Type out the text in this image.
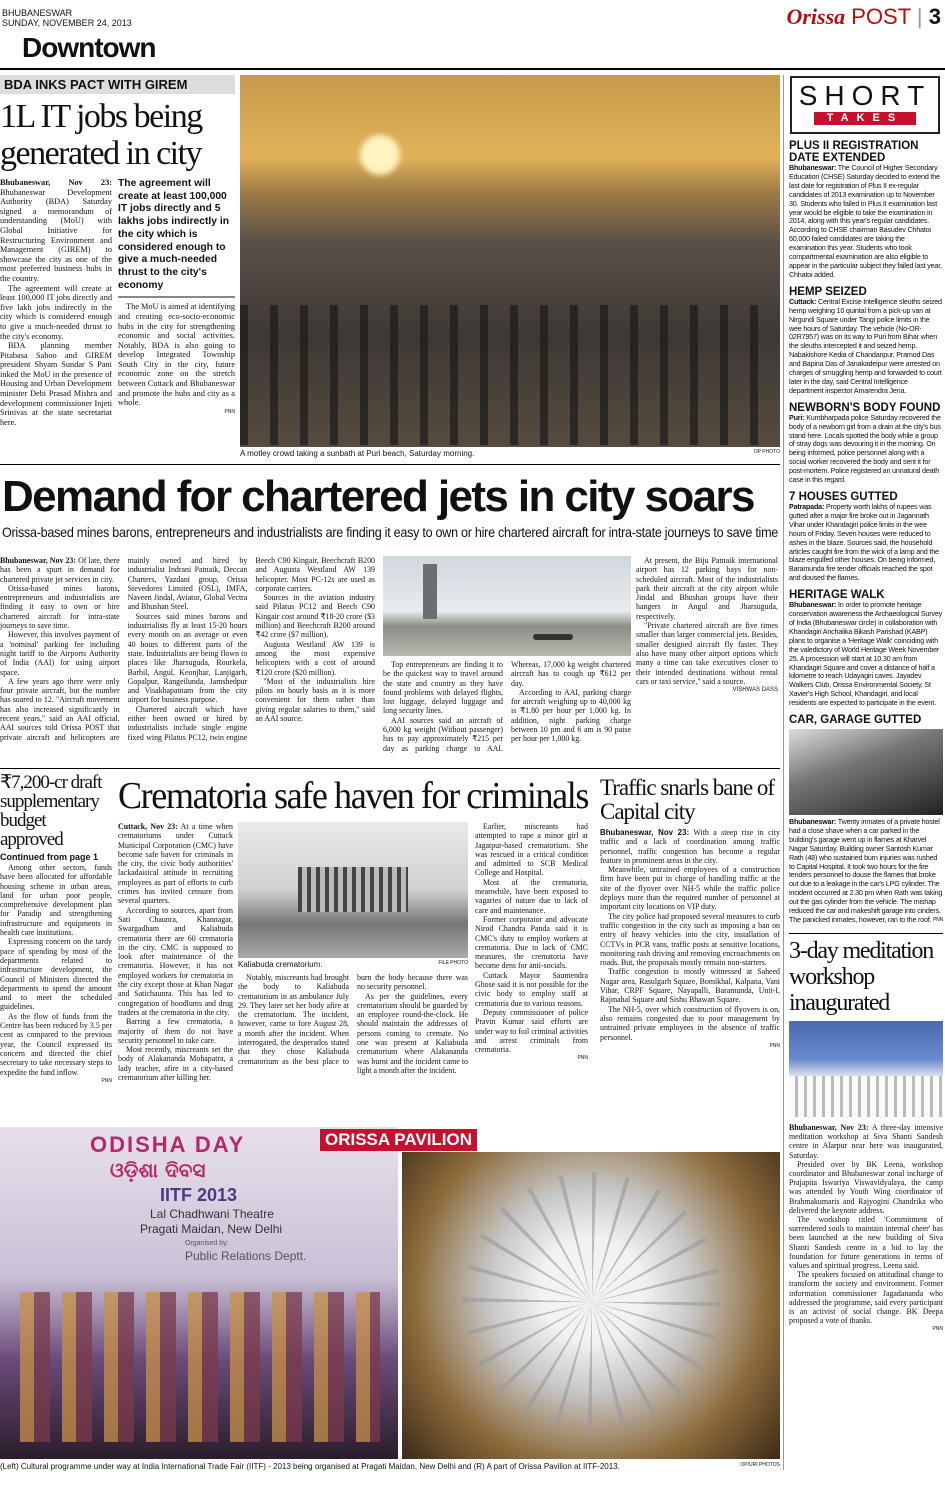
BHUBANESWAR
SUNDAY, NOVEMBER 24, 2013	Orissa POST | 3
Downtown
BDA INKS PACT WITH GIREM
1L IT jobs being generated in city

Bhubaneswar, Nov 23: Bhubaneswar Development Authority (BDA) Saturday signed a memorandum of understanding (MoU) with Global Initiative for Restructuring Environment and Management (GIREM) to showcase the city as one of the most preferred business hubs in the country.

The agreement will create at least 100,000 IT jobs directly and five lakh jobs indirectly in the city which is considered enough to give a much-needed thrust to the city's economy.

BDA planning member Pitabasa Sahoo and GIREM president Shyam Sundar S Pani inked the MoU in the presence of Housing and Urban Development minister Debi Prasad Mishra and development commissioner Injeti Srinivas at the state secretariat here.

The agreement will create at least 100,000 IT jobs directly and 5 lakhs jobs indirectly in the city which is considered enough to give a much-needed thrust to the city's economy

The MoU is aimed at identifying and creating eco-socio-economic hubs in the city for strengthening economic and social activities. Notably, BDA is also going to develop Integrated Township South City in the city, future economic zone on the stretch between Cuttack and Bhubaneswar and promote the hubs and city as a whole.

PNN
A motley crowd taking a sunbath at Puri beach, Saturday morning.	OP PHOTO
Demand for chartered jets in city soars
Orissa-based mines barons, entrepreneurs and industrialists are finding it easy to own or hire chartered aircraft for intra-state journeys to save time

Bhubaneswar, Nov 23: Of late, there has been a spurt in demand for chartered private jet services in city.

Orissa-based mines barons, entrepreneurs and industrialists are finding it easy to own or hire chartered aircraft for intra-state journeys to save time.

However, this involves payment of a 'nominal' parking fee including night tariff to the Airports Authority of India (AAI) for using airport space.

A few years ago there were only four private aircraft, but the number has soared to 12. "Aircraft movement has also increased significantly in recent years," said an AAI official. AAI sources told Orissa POST that private aircraft and helicopters are mainly owned and hired by industrialist Indrani Patnaik, Deccan Charters, Yazdani group, Orissa Stevedores Limited (OSL), IMFA, Naveen Jindal, Aviator, Global Vectra and Bhushan Steel.

Sources said mines barons and industrialists fly at least 15-20 hours every month on an average or even 40 hours to different parts of the state. Industrialists are being flown to places like Jharsuguda, Rourkela, Barbil, Angul, Keonjhar, Lanjigarh, Gopalpur, Rangeilunda, Jamshedpur and Visakhapatnam from the city airport for business purpose.

Chartered aircraft which have either been owned or hired by industrialists include single engine fixed wing Pilatus PC12, twin engine Beech C90 Kingair, Beechcraft B200 and Augusta Westland AW 139 helicopter. Most PC-12s are used as corporate carriers.

Sources in the aviation industry said Pilatus PC12 and Beech C90 Kingair cost around ₹18-20 crore ($3 million) and Beechcraft B200 around ₹42 crore ($7 million).

Augusta Westland AW 139 is among the most expensive helicopters with a cost of around ₹120 crore ($20 million).

"Most of the industrialists hire pilots on hourly basis as it is more convenient for them rather than giving regular salaries to them," said an AAI source.

Top entrepreneurs are finding it to be the quickest way to travel around the state and country as they have found problems with delayed flights, lost luggage, delayed luggage and long security lines.

AAI sources said an aircraft of 6,000 kg weight (Without passenger) has to pay approximately ₹215 per day as parking charge to AAI. Whereas, 17,000 kg weight chartered aircraft has to cough up ₹612 per day.

According to AAI, parking charge for aircraft weighing up to 40,000 kg is ₹1.80 per hour per 1,000 kg. In addition, night parking charge between 10 pm and 6 am is 90 paise per hour per 1,000 kg.

At present, the Biju Patnaik international airport has 12 parking bays for non-scheduled aircraft. Most of the industrialists park their aircraft at the city airport while Jindal and Bhushan groups have their hangers in Angul and Jharsuguda, respectively.

"Private chartered aircraft are five times smaller than larger commercial jets. Besides, smaller designed aircraft fly faster. They also have many other airport options which many a time can take executives closer to their intended destinations without rental cars or taxi service," said a source.

VISHWAS DASS
₹7,200-cr draft supplementary budget approved

Continued from page 1

Among other sectors, funds have been allocated for affordable housing scheme in urban areas, land for urban poor people, comprehensive development plan for Paradip and strengthening infrastructure and equipments in health care institutions.

Expressing concern on the tardy pace of spending by most of the departments related to infrastructure development, the Council of Ministers directed the departments to spend the amount and to meet the scheduled guidelines.

As the flow of funds from the Centre has been reduced by 3.5 per cent as compared to the previous year, the Council expressed its concern and directed the chief secretary to take necessary steps to expedite the fund inflow.

PNN
Crematoria safe haven for criminals

Cuttack, Nov 23: At a time when crematoriums under Cuttack Municipal Corporation (CMC) have become safe haven for criminals in the city, the civic body authorities' lackadaisical attitude in recruiting employees as part of efforts to curb crimes has invited censure from several quarters.

According to sources, apart from Sati Chaunra, Khannagar, Swargadham and Kaliabuda crematoria there are 60 crematoria in the city. CMC is supposed to look after maintenance of the crematoria. However, it has not employed workers for crematoria in the city except those at Khan Nagar and Satichaunra. This has led to congregation of hoodlums and drug traders at the crematoria in the city.

Barring a few crematoria, a majority of them do not have security personnel to take care.

Most recently, miscreants set the body of Alakananda Mohapatra, a lady teacher, afire in a city-based crematorium after killing her.

Kaliabuda crematorium.	FILE PHOTO

Notably, miscreants had brought the body to Kaliabuda crematorium in an ambulance July 29. They later set her body afire at the crematorium. The incident, however, came to fore August 28, a month after the incident. When interrogated, the desperados stated that they chose Kaliabuda crematorium as the best place to burn the body because there was no security personnel.

As per the guidelines, every crematorium should be guarded by an employee round-the-clock. He should maintain the addresses of persons coming to cremate. No one was present at Kaliabuda crematorium where Alakananda was burnt and the incident came to light a month after the incident.

Earlier, miscreants had attempted to rape a minor girl at Jagatpur-based crematorium. She was rescued in a critical condition and admitted to SCB Medical College and Hospital.

Most of the crematoria, meanwhile, have been exposed to vagaries of nature due to lack of care and maintenance.

Former corporator and advocate Nirod Chandra Panda said it is CMC's duty to employ workers at crematoria. Due to lack of CMC measures, the crematoria have become dens for anti-socials.

Cuttack Mayor Saumendra Ghose said it is not possible for the civic body to employ staff at crematoria due to various reasons.

Deputy commissioner of police Pravin Kumar said efforts are under way to foil criminal activities and arrest criminals from crematoria.

PNN
Traffic snarls bane of Capital city

Bhubaneswar, Nov 23: With a steep rise in city traffic and a lack of coordination among traffic personnel, traffic congestion has become a regular feature in prominent areas in the city.

Meanwhile, untrained employees of a construction firm have been put in charge of handling traffic at the site of the flyover over NH-5 while the traffic police deploys more than the required number of personnel at important city locations on VIP duty.

The city police had proposed several measures to curb traffic congestion in the city such as imposing a ban on entry of heavy vehicles into the city, installation of CCTVs in PCR vans, traffic posts at sensitive locations, monitoring rash driving and removing encroachments on roads. But, the proposals mostly remain non-starters.

Traffic congestion is mostly witnessed at Saheed Nagar area, Rasulgarh Square, Bomikhal, Kalpana, Vani Vihar, CRPF Square, Nayapalli, Baramunda, Unit-I, Rajmahal Square and Sishu Bhawan Square.

The NH-5, over which construction of flyovers is on, also remains congested due to poor management by untrained private employees in the absence of traffic personnel.

PNN
ODISHA DAY
ଓଡ଼ିଶା ଦିବସ
IITF 2013
Lal Chadhwani Theatre
Pragati Maidan, New Delhi
Organised by:
Public Relations Deptt.
ORISSA PAVILION
(Left) Cultural programme under way at India International Trade Fair (IITF) - 2013 being organised at Pragati Maidan, New Delhi and (R) A part of Orissa Pavilion at IITF-2013.	OP/URI PHOTOS
SHORT
TAKES
PLUS II REGISTRATION DATE EXTENDED
Bhubaneswar: The Council of Higher Secondary Education (CHSE) Saturday decided to extend the last date for registration of Plus II ex-regular candidates of 2013 examination up to November 30. Students who failed in Plus II examination last year would be eligible to take the examination in 2014, along with this year's regular candidates. According to CHSE chairman Basudev Chhatoi 60,000 failed candidates are taking the examination this year. Students who took compartmental examination are also eligible to appear in the particular subject they failed last year, Chhatoi added.
HEMP SEIZED
Cuttack: Central Excise Intelligence sleuths seized hemp weighing 10 quintal from a pick-up van at Nirgundi Square under Tangi police limits in the wee hours of Saturday. The vehicle (No-OR-02R7957) was on its way to Puri from Bihar when the sleuths intercepted it and seized hemp. Nabakishore Kedia of Chandanpur, Pramod Das and Bapina Das of Janakadeipur were arrested on charges of smuggling hemp and forwarded to court later in the day, said Central Intelligence department inspector Amarendra Jena.
NEWBORN'S BODY FOUND
Puri: Kumbharpada police Saturday recovered the body of a newborn girl from a drain at the city's bus stand here. Locals spotted the body while a group of stray dogs was devouring it in the morning. On being informed, police personnel along with a social worker recovered the body and sent it for post-mortem. Police registered an unnatural death case in this regard.
7 HOUSES GUTTED
Patrapada: Property worth lakhs of rupees was gutted after a major fire broke out in Jagannath Vihar under Khandagiri police limits in the wee hours of Friday. Seven houses were reduced to ashes in the blaze. Sources said, the household articles caught fire from the wick of a lamp and the blaze engulfed other houses. On being informed, Baramunda fire tender officials reached the spot and doused the flames.
HERITAGE WALK
Bhubaneswar: In order to promote heritage conservation awareness the Archaeological Survey of India (Bhubaneswar circle) in collaboration with Khandagiri Anchalika Bikash Parishad (KABP) plans to organise a 'Heritage Walk' coinciding with the valedictory of World Heritage Week November 25. A procession will start at 10.30 am from Khandagiri Square and cover a distance of half a kilometre to reach Udayagiri caves. Jayadev Walkers Club, Orissa Environmental Society, St Xavier's High School, Khandagiri, and local residents are expected to participate in the event.
CAR, GARAGE GUTTED
Bhubaneswar: Twenty inmates of a private hostel had a close shave when a car parked in the building's garage went up in flames at Kharvel Nagar Saturday. Building owner Santosh Kumar Rath (48) who sustained burn injuries was rushed to Capital Hospital. It took two hours for the fire tenders personnel to douse the flames that broke out due to a leakage in the car's LPG cylinder. The incident occurred at 2.30 pm when Rath was taking out the gas cylinder from the vehicle. The mishap reduced the car and makeshift garage into cinders. The panicked inmates, however, ran to the roof. PNN
3-day meditation workshop inaugurated

Bhubaneswar, Nov 23: A three-day intensive meditation workshop at Siva Shanti Sandesh centre in Alarpur near here was inaugurated, Saturday.

Presided over by BK Leena, workshop coordinator and Bhubaneswar zonal incharge of Prajapita Iswariya Viswavidyalaya, the camp was attended by Youth Wing coordinator of Brahmakumaris and Rajyogini Chandrika who delivered the keynote address.

The workshop titled 'Commitment of surrendered souls to maintain internal cheer' has been launched at the new building of Siva Shanti Sandesh centre in a bid to lay the foundation for future generations in terms of values and spiritual progress, Leena said.

The speakers focused on attitudinal change to transform the society and environment. Former information commissioner Jagadananda who addressed the programme, said every participant is an activist of social change. BK Deepa proposed a vote of thanks.

PNN
